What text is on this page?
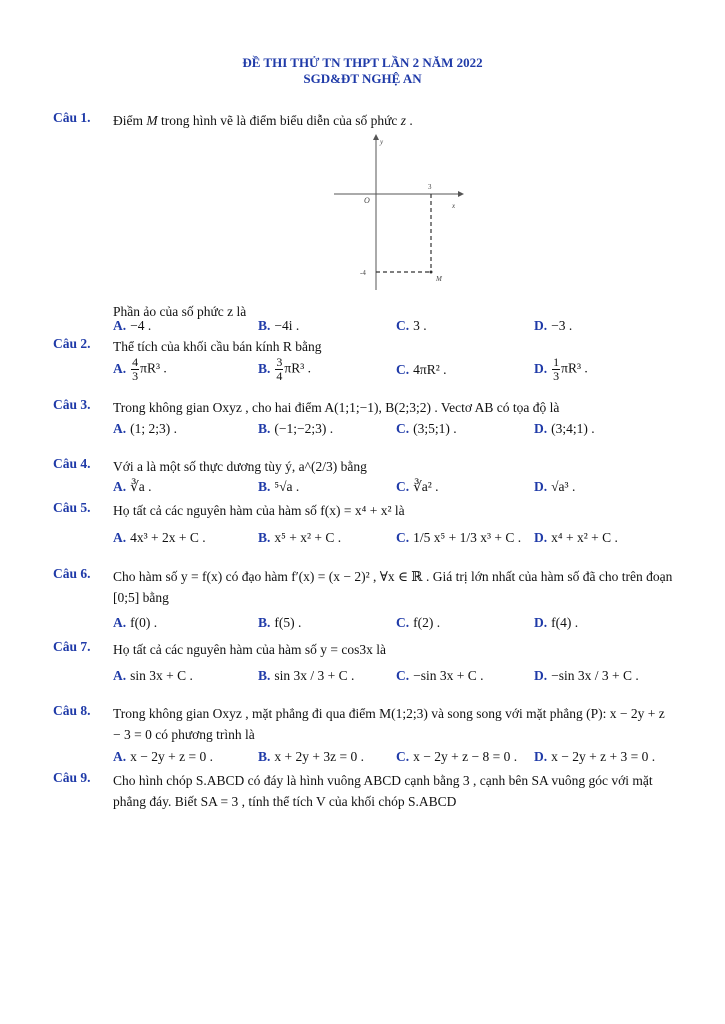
ĐỀ THI THỬ TN THPT LẦN 2 NĂM 2022
SGD&ĐT NGHỆ AN
Câu 1. Điểm M trong hình vẽ là điểm biểu diễn của số phức z .
y
x
O
3
-4
M
Phần ảo của số phức z là
A. −4 .	B. −4i .	C. 3 .	D. −3 .
Câu 2. Thể tích của khối cầu bán kính R bằng
A. $\frac{4}{3} \pi R^3$ .	B. $\frac{3}{4} \pi R^3$ .	C. 4πR² .	D. $\frac{1}{3} \pi R^3$ .
Câu 3. Trong không gian Oxyz , cho hai điểm A(1;1;−1), B(2;3;2) . Vectơ AB có tọa độ là
A. (1; 2;3) .	B. (−1;−2;3) .	C. (3;5;1) .	D. (3;4;1) .
Câu 4. Với a là một số thực dương tùy ý, a^(2/3) bằng
A. ∛a .	B. ⁵√a .	C. ∛a² .	D. √a³ .
Câu 5. Họ tất cả các nguyên hàm của hàm số f(x) = x⁴ + x² là
A. 4x³ + 2x + C .	B. x⁵ + x² + C .	C. 1/5 x⁵ + 1/3 x³ + C . D. x⁴ + x² + C .
Câu 6. Cho hàm số y = f(x) có đạo hàm f′(x) = (x − 2)² , ∀x ∈ ℝ . Giá trị lớn nhất của hàm số đã cho trên đoạn [0;5] bằng
A. f(0) .	B. f(5) .	C. f(2) .	D. f(4) .
Câu 7. Họ tất cả các nguyên hàm của hàm số y = cos3x là
A. sin 3x + C .	B. sin 3x / 3 + C .	C. −sin 3x + C .	D. −sin 3x / 3 + C .
Câu 8. Trong không gian Oxyz , mặt phẳng đi qua điểm M(1;2;3) và song song với mặt phẳng (P): x − 2y + z − 3 = 0 có phương trình là
A. x − 2y + z = 0 .	B. x + 2y + 3z = 0 . C. x − 2y + z − 8 = 0 . D. x − 2y + z + 3 = 0 .
Câu 9. Cho hình chóp S.ABCD có đáy là hình vuông ABCD cạnh bằng 3 , cạnh bên SA vuông góc với mặt phẳng đáy. Biết SA = 3 , tính thể tích V của khối chóp S.ABCD
